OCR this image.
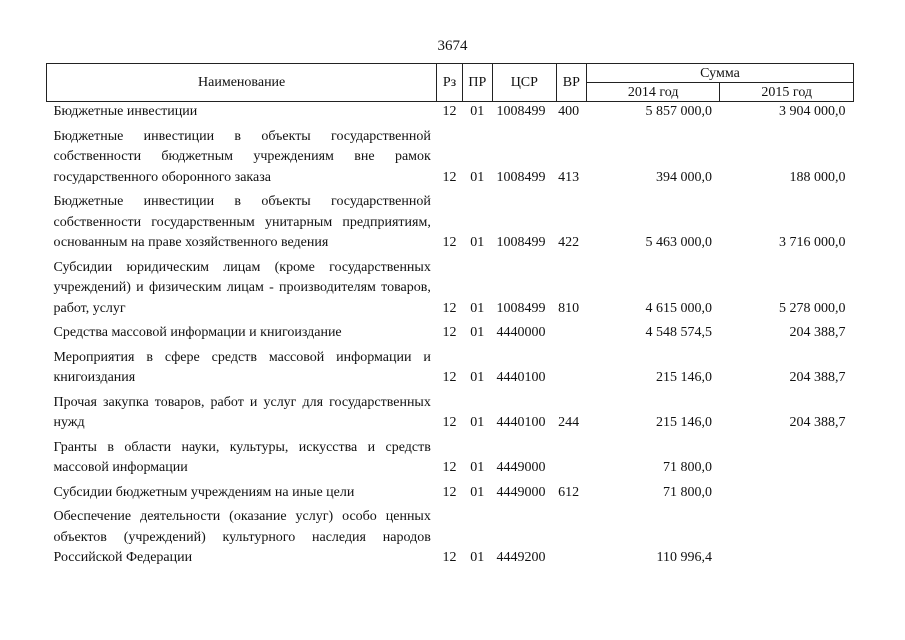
3674
Наименование	Рз	ПР	ЦСР	ВР	Сумма	
					2014 год	2015 год

Бюджетные инвестиции	12	01	1008499	400	5 857 000,0	3 904 000,0

Бюджетные инвестиции в объекты государственной собственности бюджетным учреждениям вне рамок государственного оборонного заказа	12	01	1008499	413	394 000,0	188 000,0

Бюджетные инвестиции в объекты государственной собственности государственным унитарным предприятиям, основанным на праве хозяйственного ведения	12	01	1008499	422	5 463 000,0	3 716 000,0

Субсидии юридическим лицам (кроме государственных учреждений) и физическим лицам - производителям товаров, работ, услуг	12	01	1008499	810	4 615 000,0	5 278 000,0

Средства массовой информации и книгоиздание	12	01	4440000		4 548 574,5	204 388,7

Мероприятия в сфере средств массовой информации и книгоиздания	12	01	4440100		215 146,0	204 388,7

Прочая закупка товаров, работ и услуг для государственных нужд	12	01	4440100	244	215 146,0	204 388,7

Гранты в области науки, культуры, искусства и средств массовой информации	12	01	4449000		71 800,0	

Субсидии бюджетным учреждениям на иные цели	12	01	4449000	612	71 800,0	

Обеспечение деятельности (оказание услуг) особо ценных объектов (учреждений) культурного наследия народов Российской Федерации	12	01	4449200		110 996,4	
